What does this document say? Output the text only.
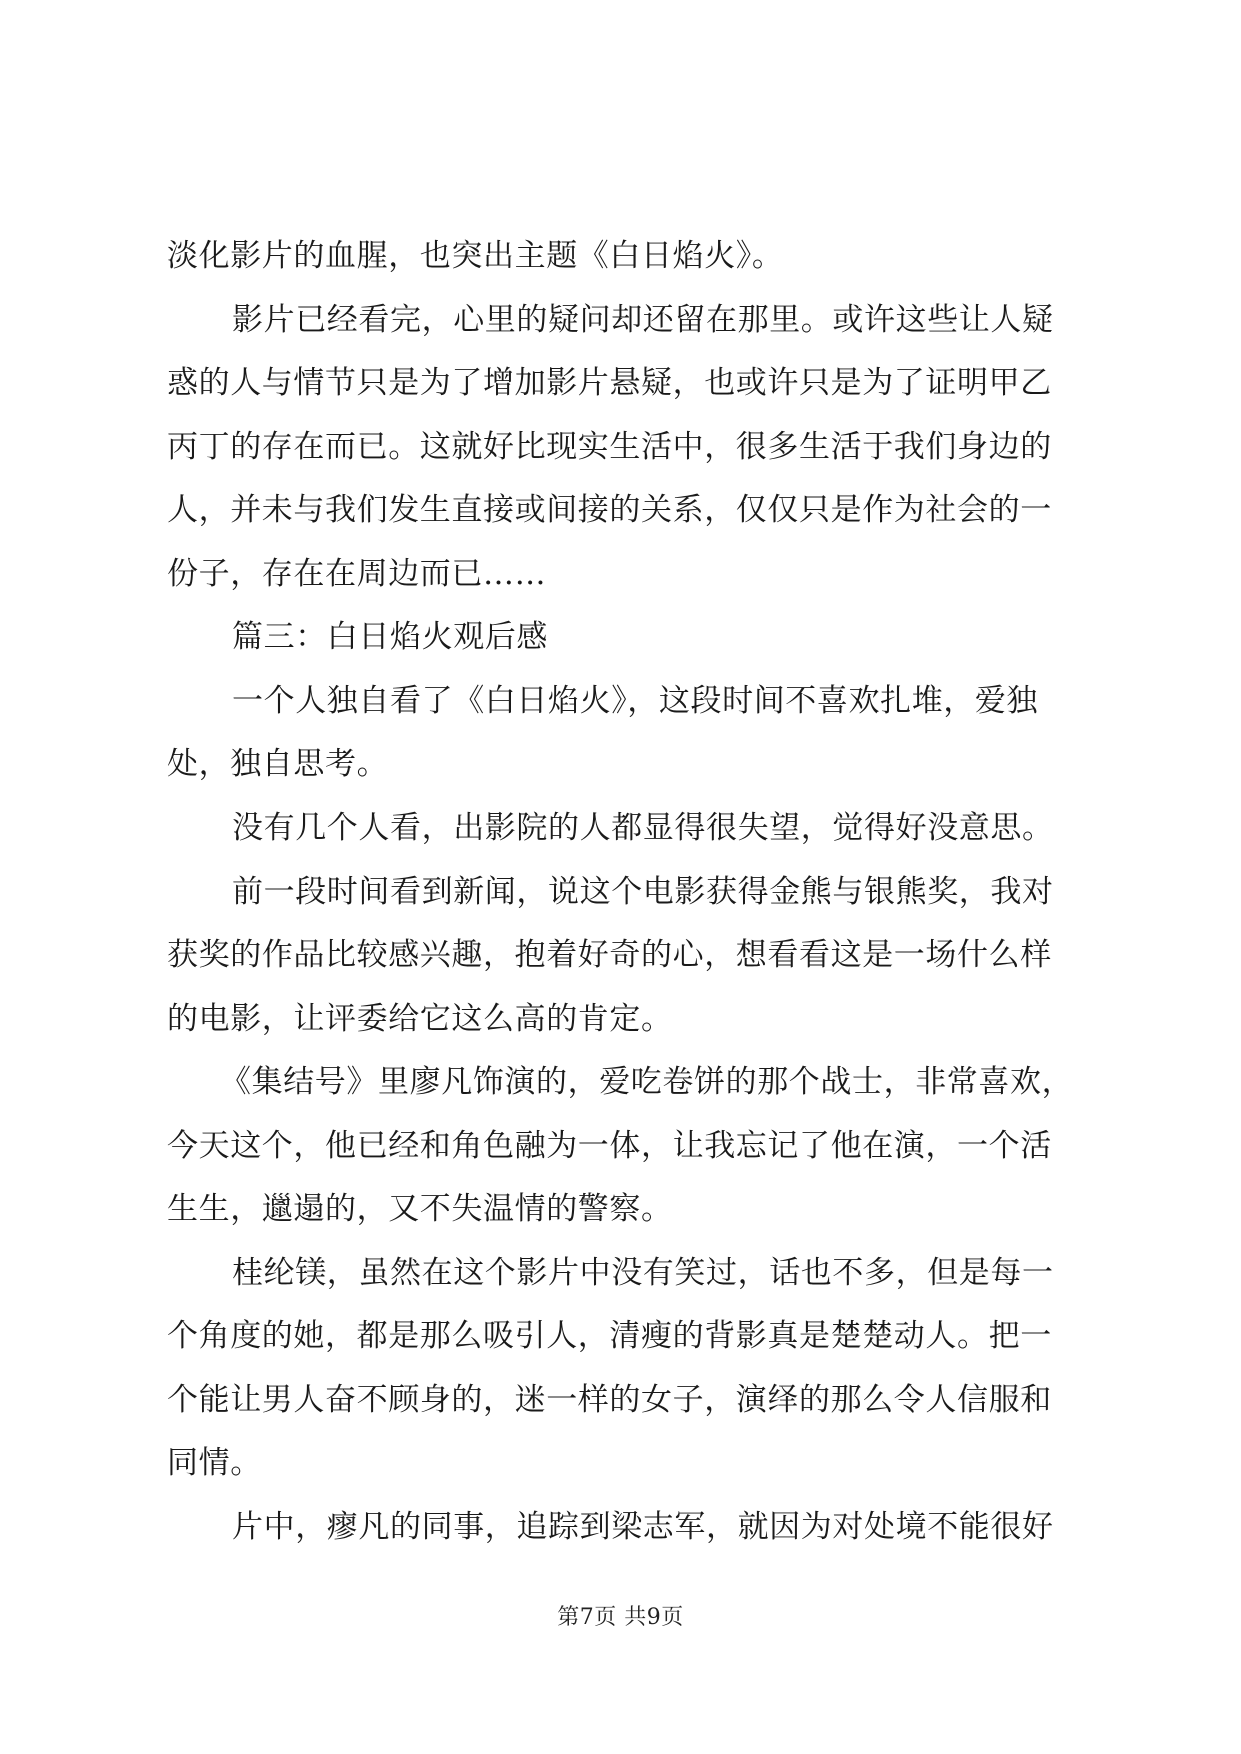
淡化影片的血腥，也突出主题《白日焰火》。
影片已经看完，心里的疑问却还留在那里。或许这些让人疑
惑的人与情节只是为了增加影片悬疑，也或许只是为了证明甲乙
丙丁的存在而已。这就好比现实生活中，很多生活于我们身边的
人，并未与我们发生直接或间接的关系，仅仅只是作为社会的一
份子，存在在周边而已……
篇三：白日焰火观后感
一个人独自看了《白日焰火》，这段时间不喜欢扎堆，爱独
处，独自思考。
没有几个人看，出影院的人都显得很失望，觉得好没意思。
前一段时间看到新闻，说这个电影获得金熊与银熊奖，我对
获奖的作品比较感兴趣，抱着好奇的心，想看看这是一场什么样
的电影，让评委给它这么高的肯定。
《集结号》里廖凡饰演的，爱吃卷饼的那个战士，非常喜欢，
今天这个，他已经和角色融为一体，让我忘记了他在演，一个活
生生，邋遢的，又不失温情的警察。
桂纶镁，虽然在这个影片中没有笑过，话也不多，但是每一
个角度的她，都是那么吸引人，清瘦的背影真是楚楚动人。把一
个能让男人奋不顾身的，迷一样的女子，演绎的那么令人信服和
同情。
片中，瘳凡的同事，追踪到梁志军，就因为对处境不能很好
第7页 共9页
